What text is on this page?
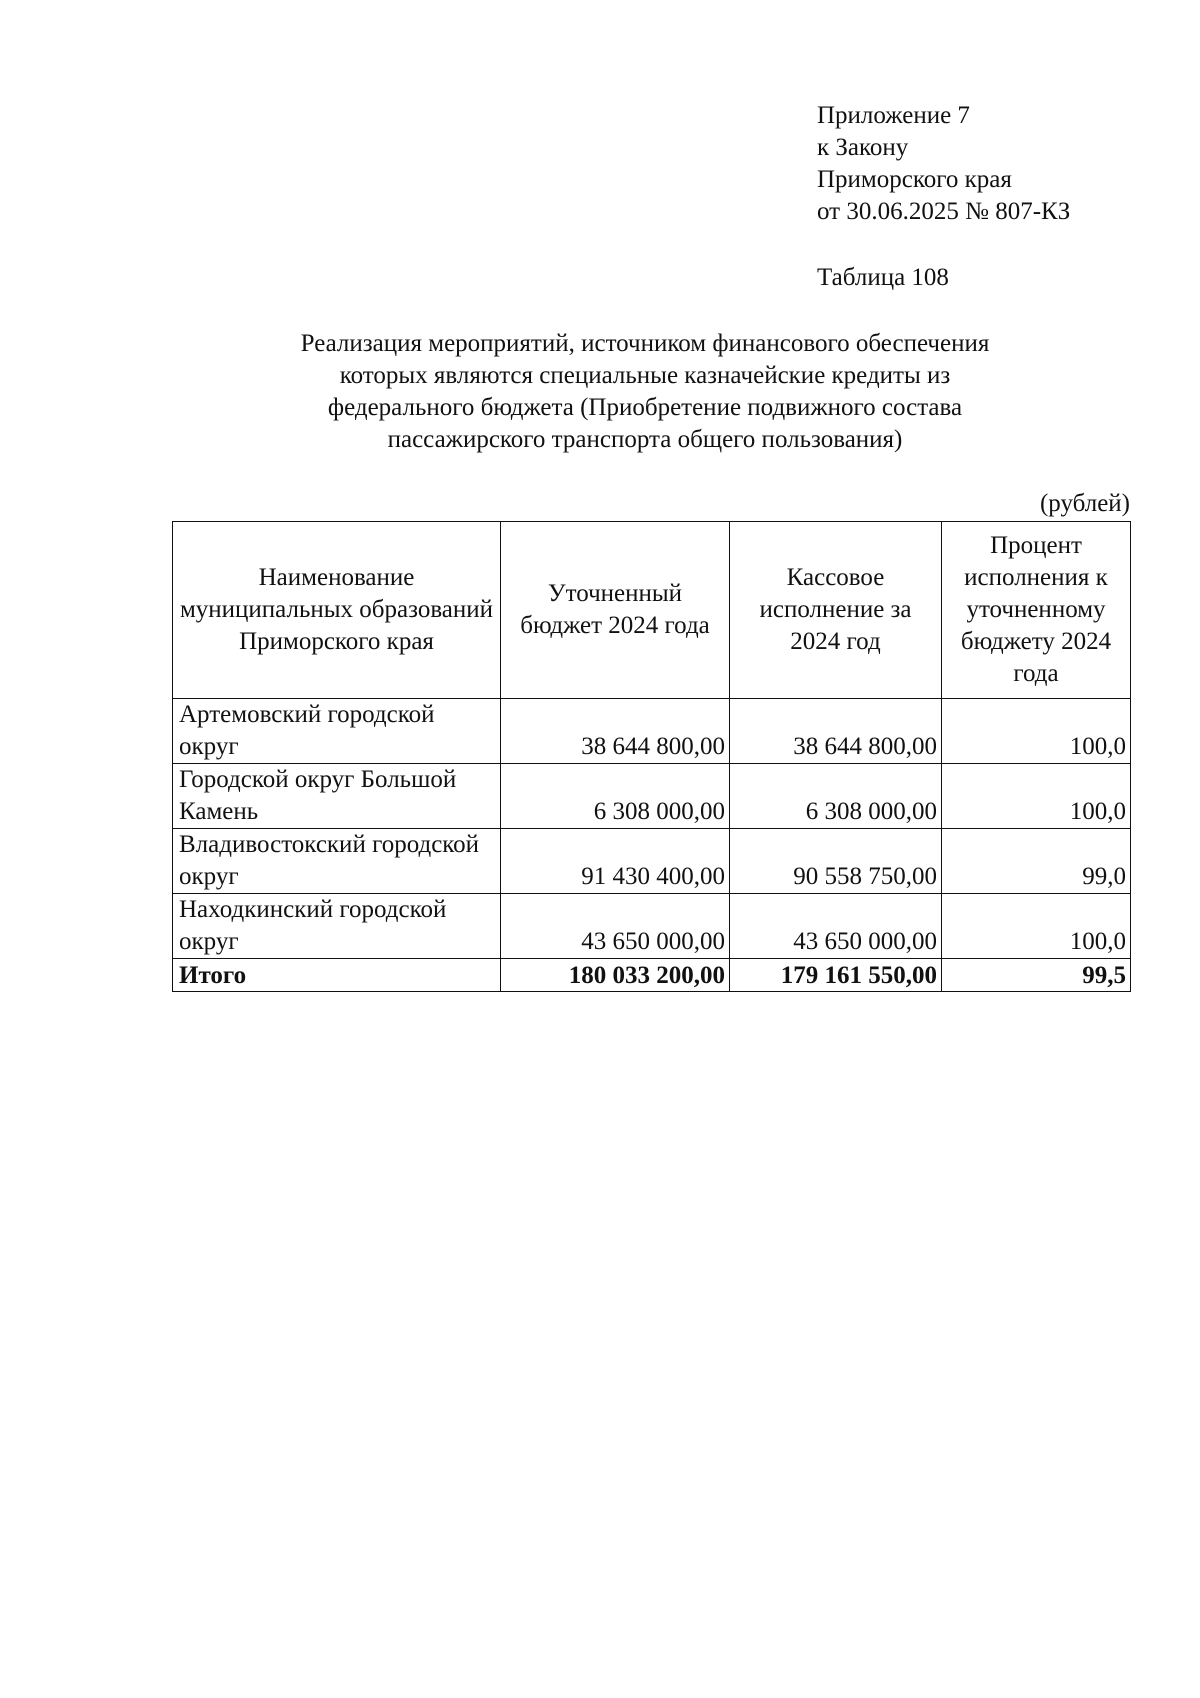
Приложение 7
к Закону
Приморского края
от 30.06.2025 № 807-КЗ
Таблица 108
Реализация мероприятий, источником финансового обеспечения
которых являются специальные казначейские кредиты из
федерального бюджета (Приобретение подвижного состава
пассажирского транспорта общего пользования)
(рублей)
Наименование муниципальных образований Приморского края	Уточненный бюджет 2024 года	Кассовое исполнение за 2024 год	Процент исполнения к уточненному бюджету 2024 года
Артемовский городской округ	38 644 800,00	38 644 800,00	100,0
Городской округ Большой Камень	6 308 000,00	6 308 000,00	100,0
Владивостокский городской округ	91 430 400,00	90 558 750,00	99,0
Находкинский городской округ	43 650 000,00	43 650 000,00	100,0
Итого	180 033 200,00	179 161 550,00	99,5
